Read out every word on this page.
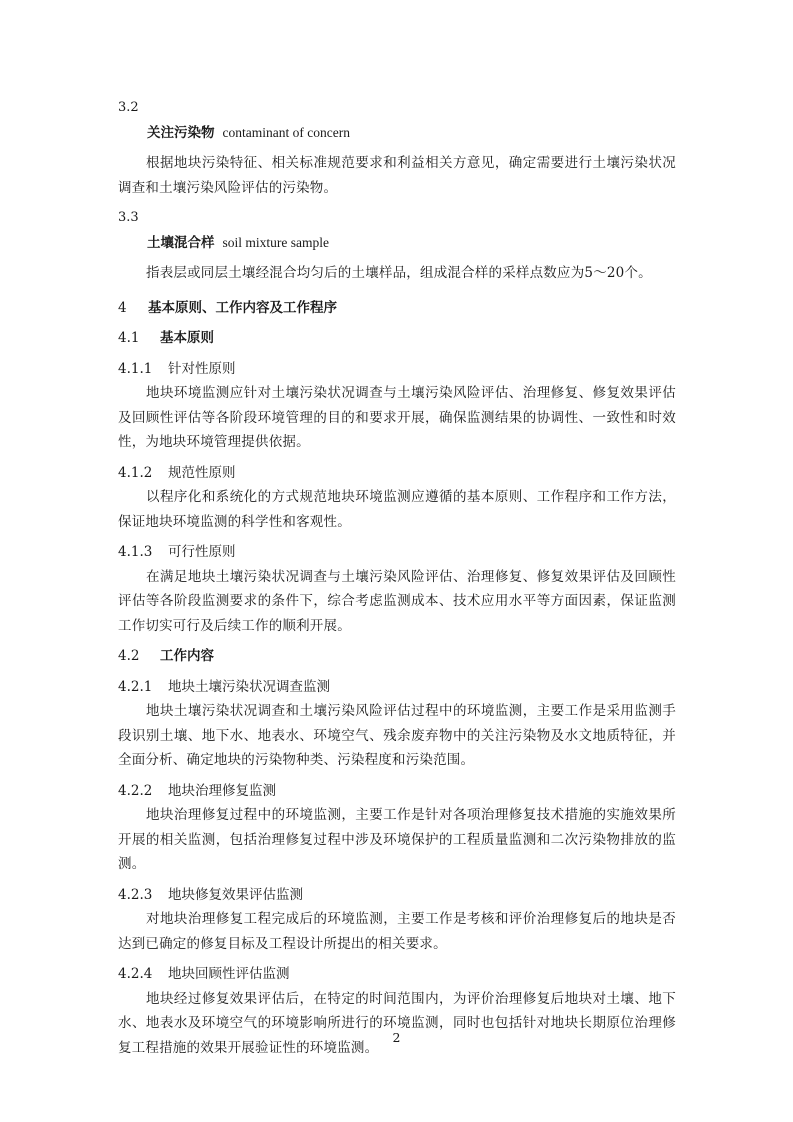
3.2
关注污染物 contaminant of concern
根据地块污染特征、相关标准规范要求和利益相关方意见，确定需要进行土壤污染状况调查和土壤污染风险评估的污染物。
3.3
土壤混合样 soil mixture sample
指表层或同层土壤经混合均匀后的土壤样品，组成混合样的采样点数应为5～20个。
4 基本原则、工作内容及工作程序
4.1 基本原则
4.1.1 针对性原则
地块环境监测应针对土壤污染状况调查与土壤污染风险评估、治理修复、修复效果评估及回顾性评估等各阶段环境管理的目的和要求开展，确保监测结果的协调性、一致性和时效性，为地块环境管理提供依据。
4.1.2 规范性原则
以程序化和系统化的方式规范地块环境监测应遵循的基本原则、工作程序和工作方法，保证地块环境监测的科学性和客观性。
4.1.3 可行性原则
在满足地块土壤污染状况调查与土壤污染风险评估、治理修复、修复效果评估及回顾性评估等各阶段监测要求的条件下，综合考虑监测成本、技术应用水平等方面因素，保证监测工作切实可行及后续工作的顺利开展。
4.2 工作内容
4.2.1 地块土壤污染状况调查监测
地块土壤污染状况调查和土壤污染风险评估过程中的环境监测，主要工作是采用监测手段识别土壤、地下水、地表水、环境空气、残余废弃物中的关注污染物及水文地质特征，并全面分析、确定地块的污染物种类、污染程度和污染范围。
4.2.2 地块治理修复监测
地块治理修复过程中的环境监测，主要工作是针对各项治理修复技术措施的实施效果所开展的相关监测，包括治理修复过程中涉及环境保护的工程质量监测和二次污染物排放的监测。
4.2.3 地块修复效果评估监测
对地块治理修复工程完成后的环境监测，主要工作是考核和评价治理修复后的地块是否达到已确定的修复目标及工程设计所提出的相关要求。
4.2.4 地块回顾性评估监测
地块经过修复效果评估后，在特定的时间范围内，为评价治理修复后地块对土壤、地下水、地表水及环境空气的环境影响所进行的环境监测，同时也包括针对地块长期原位治理修复工程措施的效果开展验证性的环境监测。
2
